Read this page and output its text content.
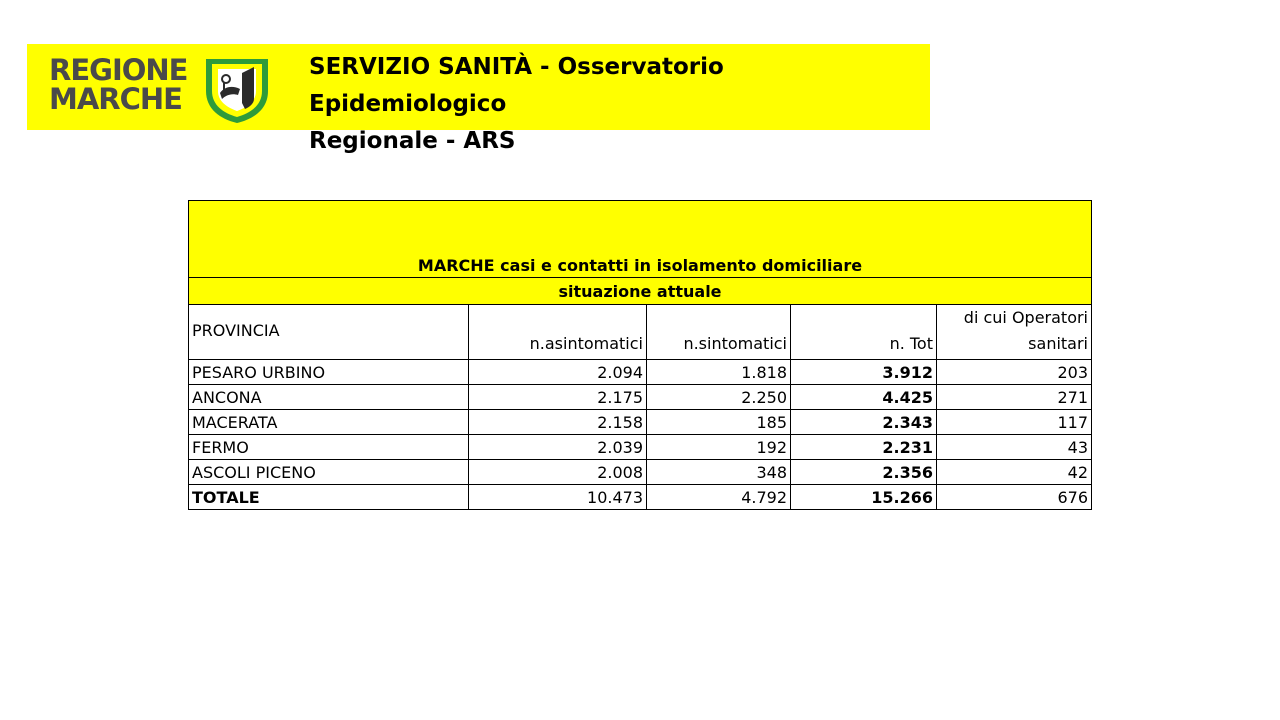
REGIONE
MARCHE
SERVIZIO SANITÀ - Osservatorio Epidemiologico
Regionale - ARS
MARCHE casi e contatti in isolamento domiciliare				
situazione attuale				
PROVINCIA	n.asintomatici	n.sintomatici	n. Tot	di cui Operatori
sanitari
PESARO URBINO	2.094	1.818	3.912	203
ANCONA	2.175	2.250	4.425	271
MACERATA	2.158	185	2.343	117
FERMO	2.039	192	2.231	43
ASCOLI PICENO	2.008	348	2.356	42
TOTALE	10.473	4.792	15.266	676
